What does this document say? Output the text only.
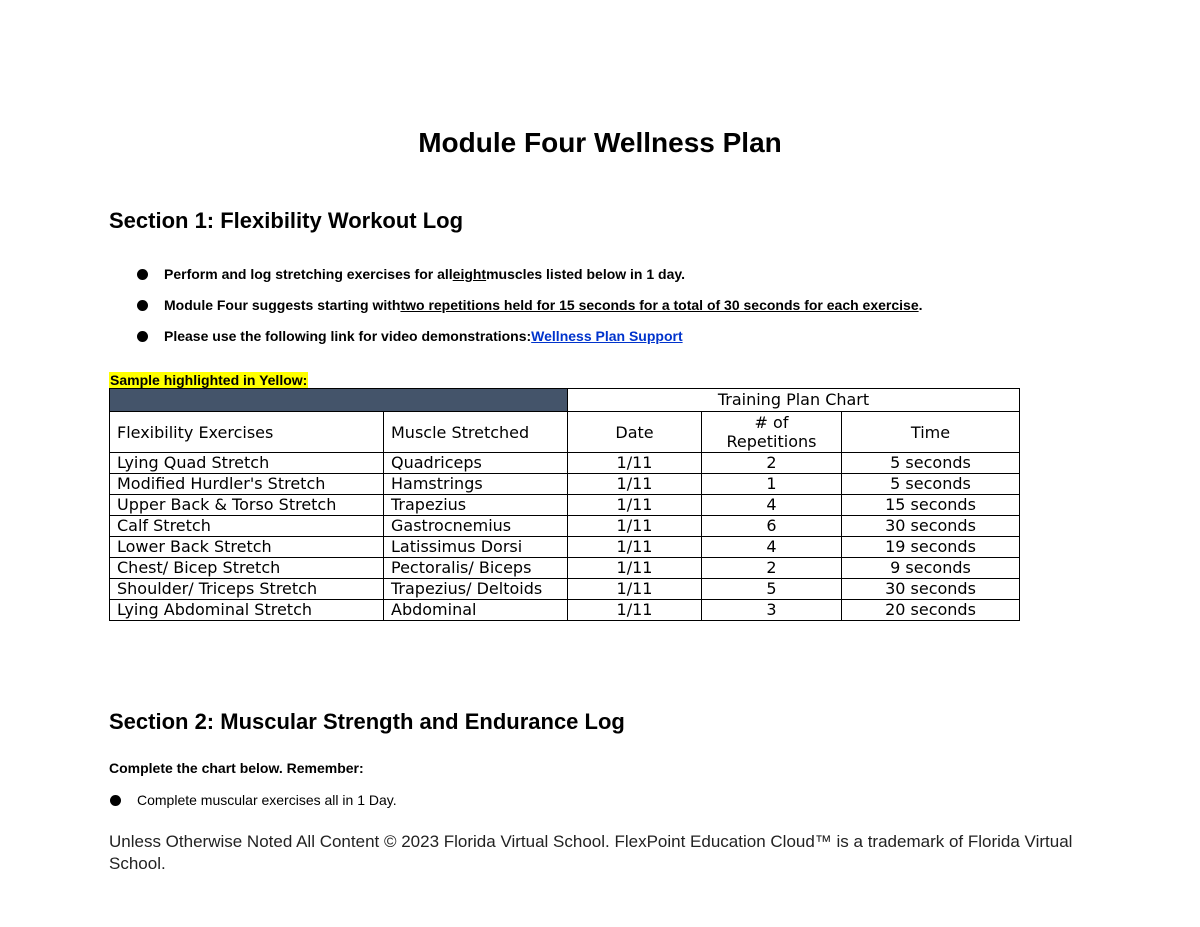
Module Four Wellness Plan
Section 1: Flexibility Workout Log
Perform and log stretching exercises for all eight muscles listed below in 1 day.
Module Four suggests starting with two repetitions held for 15 seconds for a total of 30 seconds for each exercise .
Please use the following link for video demonstrations: Wellness Plan Support
Sample highlighted in Yellow:
		Training Plan Chart		
Flexibility Exercises	Muscle Stretched	Date	# of Repetitions	Time
Lying Quad Stretch	Quadriceps	1/11	2	5 seconds
Modified Hurdler's Stretch	Hamstrings	1/11	1	5 seconds
Upper Back & Torso Stretch	Trapezius	1/11	4	15 seconds
Calf Stretch	Gastrocnemius	1/11	6	30 seconds
Lower Back Stretch	Latissimus Dorsi	1/11	4	19 seconds
Chest/ Bicep Stretch	Pectoralis/ Biceps	1/11	2	9 seconds
Shoulder/ Triceps Stretch	Trapezius/ Deltoids	1/11	5	30 seconds
Lying Abdominal Stretch	Abdominal	1/11	3	20 seconds
Section 2: Muscular Strength and Endurance Log

Complete the chart below. Remember:

Complete muscular exercises all in 1 Day.

Unless Otherwise Noted All Content © 2023 Florida Virtual School. FlexPoint Education Cloud™ is a trademark of Florida Virtual School.
